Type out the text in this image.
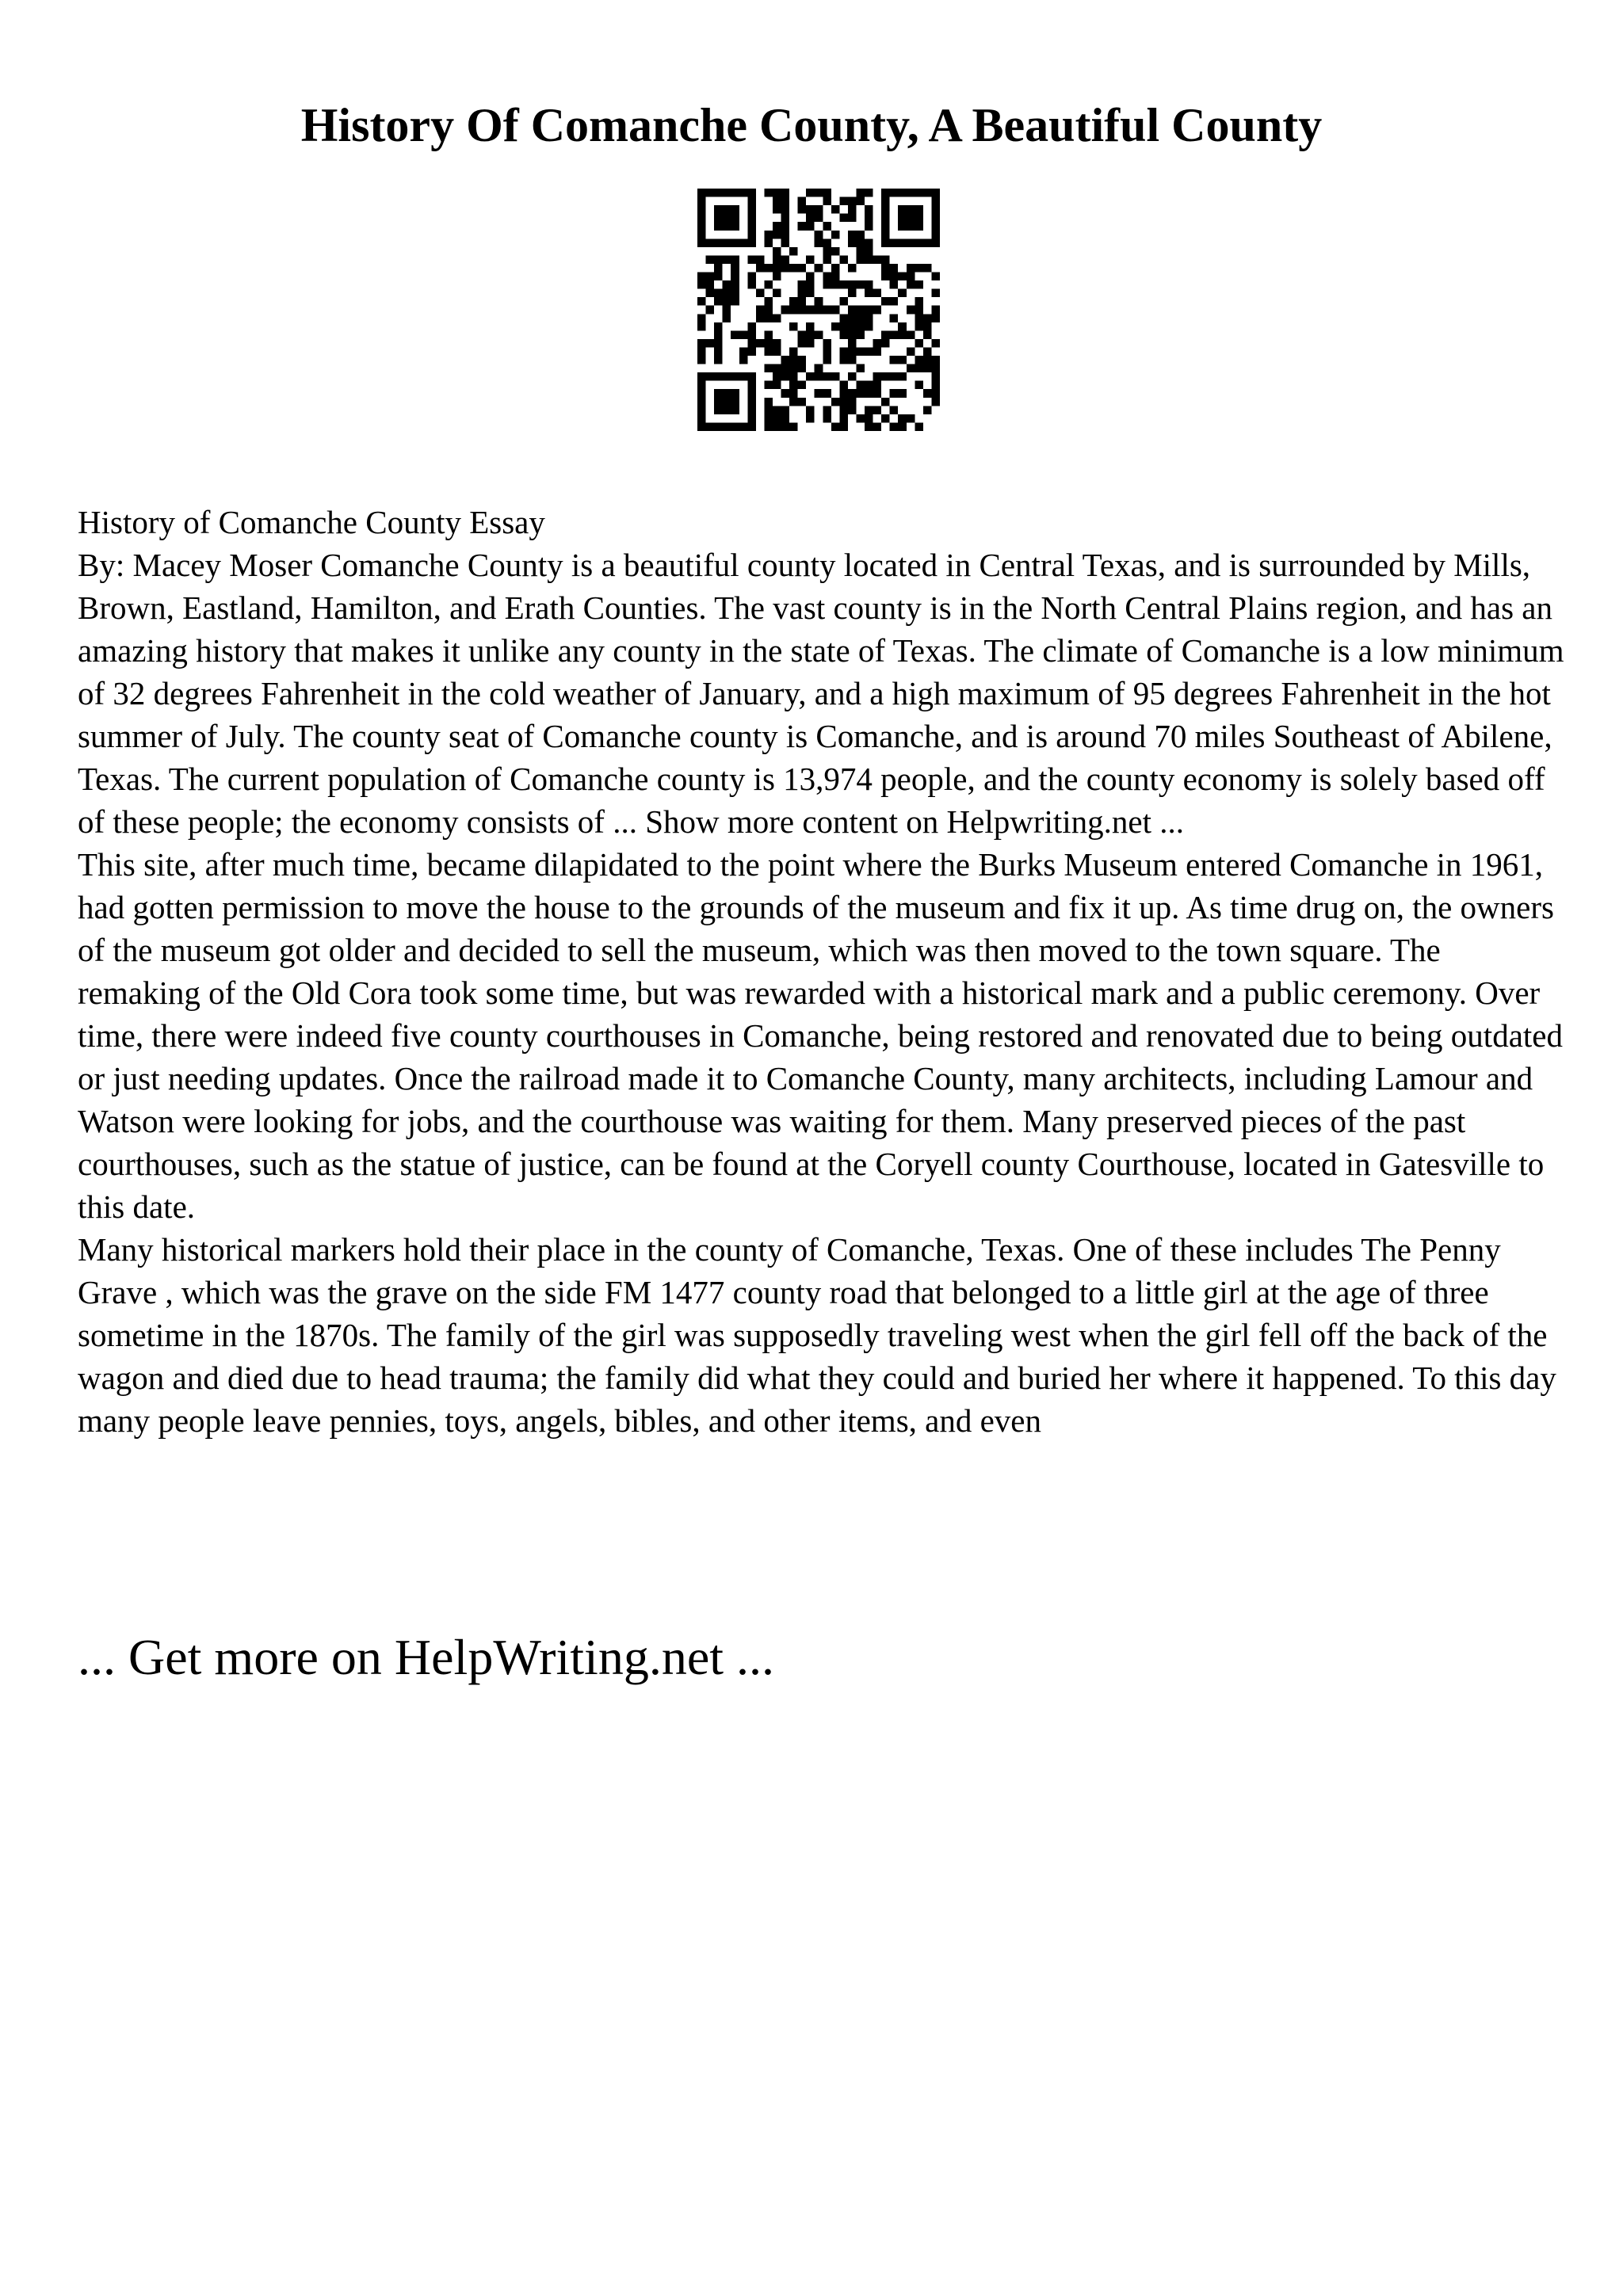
History Of Comanche County, A Beautiful County

History of Comanche County Essay

By: Macey Moser Comanche County is a beautiful county located in Central Texas, and is surrounded by Mills, Brown, Eastland, Hamilton, and Erath Counties. The vast county is in the North Central Plains region, and has an amazing history that makes it unlike any county in the state of Texas. The climate of Comanche is a low minimum of 32 degrees Fahrenheit in the cold weather of January, and a high maximum of 95 degrees Fahrenheit in the hot summer of July. The county seat of Comanche county is Comanche, and is around 70 miles Southeast of Abilene, Texas. The current population of Comanche county is 13,974 people, and the county economy is solely based off of these people; the economy consists of ... Show more content on Helpwriting.net ...

This site, after much time, became dilapidated to the point where the Burks Museum entered Comanche in 1961, had gotten permission to move the house to the grounds of the museum and fix it up. As time drug on, the owners of the museum got older and decided to sell the museum, which was then moved to the town square. The remaking of the Old Cora took some time, but was rewarded with a historical mark and a public ceremony. Over time, there were indeed five county courthouses in Comanche, being restored and renovated due to being outdated or just needing updates. Once the railroad made it to Comanche County, many architects, including Lamour and Watson were looking for jobs, and the courthouse was waiting for them. Many preserved pieces of the past courthouses, such as the statue of justice, can be found at the Coryell county Courthouse, located in Gatesville to this date.

Many historical markers hold their place in the county of Comanche, Texas. One of these includes The Penny Grave , which was the grave on the side FM 1477 county road that belonged to a little girl at the age of three sometime in the 1870s. The family of the girl was supposedly traveling west when the girl fell off the back of the wagon and died due to head trauma; the family did what they could and buried her where it happened. To this day many people leave pennies, toys, angels, bibles, and other items, and even

... Get more on HelpWriting.net ...
